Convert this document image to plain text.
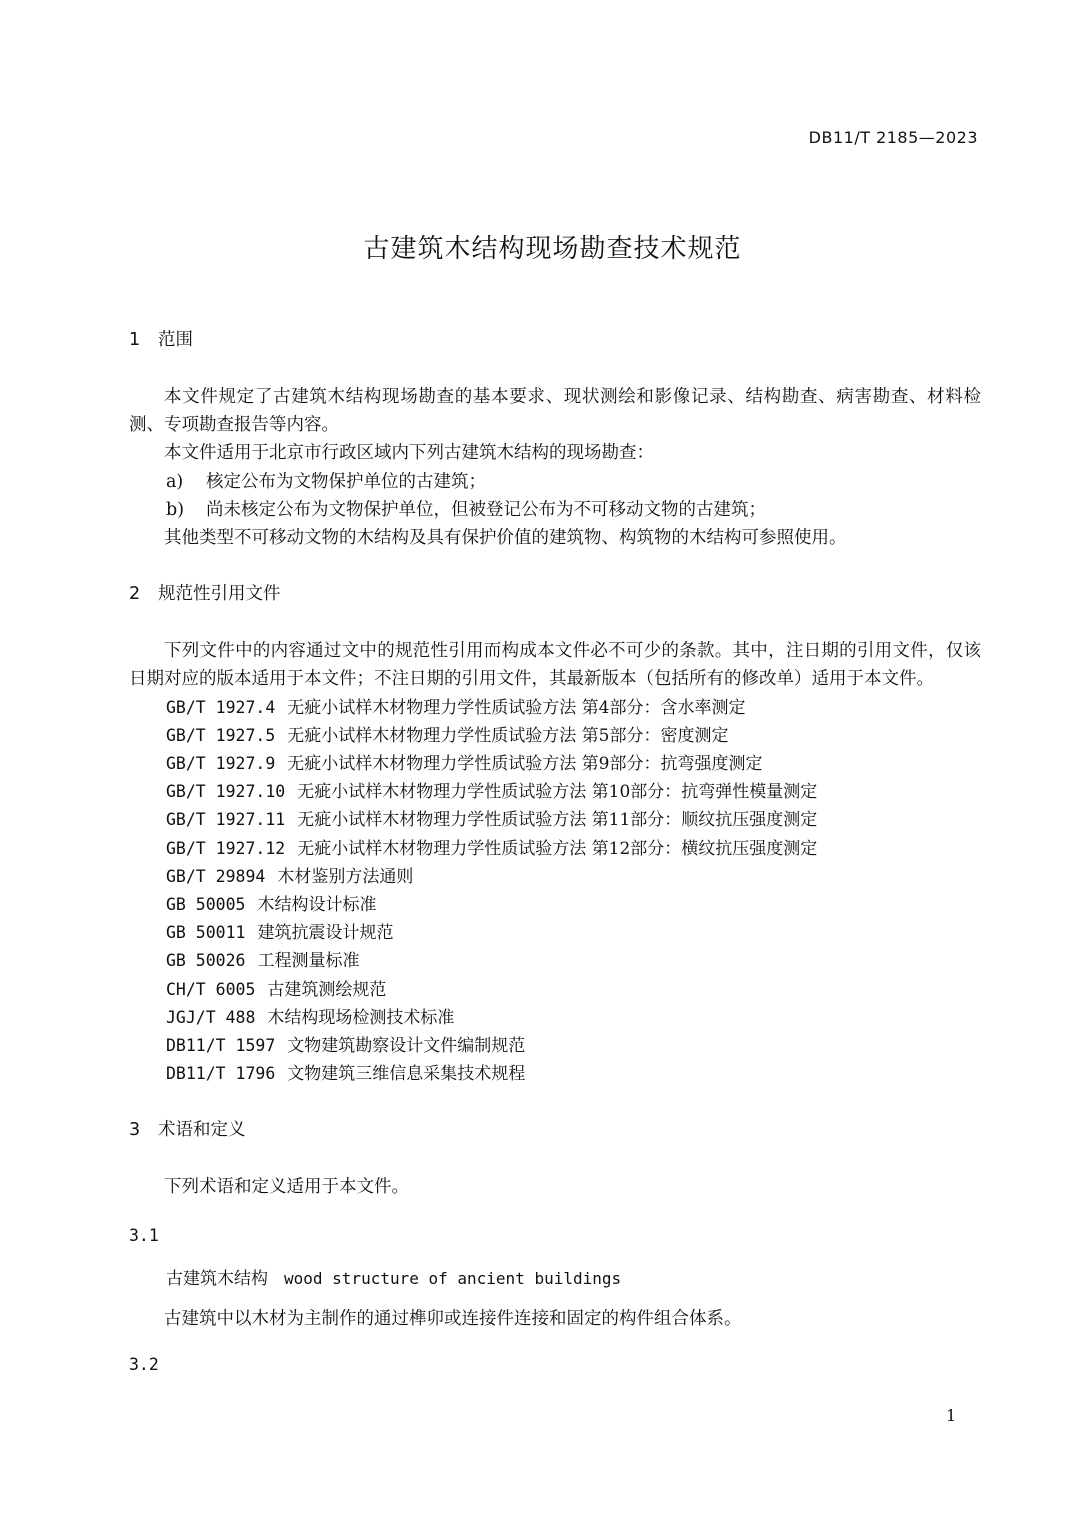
DB11/T 2185—2023
古建筑木结构现场勘查技术规范
1 范围

本文件规定了古建筑木结构现场勘查的基本要求、现状测绘和影像记录、结构勘查、病害勘查、材料检测、专项勘查报告等内容。

本文件适用于北京市行政区域内下列古建筑木结构的现场勘查：

a) 核定公布为文物保护单位的古建筑；

b) 尚未核定公布为文物保护单位，但被登记公布为不可移动文物的古建筑；

其他类型不可移动文物的木结构及具有保护价值的建筑物、构筑物的木结构可参照使用。

2 规范性引用文件

下列文件中的内容通过文中的规范性引用而构成本文件必不可少的条款。其中，注日期的引用文件，仅该日期对应的版本适用于本文件；不注日期的引用文件，其最新版本（包括所有的修改单）适用于本文件。

GB/T 1927.4 无疵小试样木材物理力学性质试验方法 第4部分：含水率测定

GB/T 1927.5 无疵小试样木材物理力学性质试验方法 第5部分：密度测定

GB/T 1927.9 无疵小试样木材物理力学性质试验方法 第9部分：抗弯强度测定

GB/T 1927.10 无疵小试样木材物理力学性质试验方法 第10部分：抗弯弹性模量测定

GB/T 1927.11 无疵小试样木材物理力学性质试验方法 第11部分：顺纹抗压强度测定

GB/T 1927.12 无疵小试样木材物理力学性质试验方法 第12部分：横纹抗压强度测定

GB/T 29894 木材鉴别方法通则

GB 50005 木结构设计标准

GB 50011 建筑抗震设计规范

GB 50026 工程测量标准

CH/T 6005 古建筑测绘规范

JGJ/T 488 木结构现场检测技术标准

DB11/T 1597 文物建筑勘察设计文件编制规范

DB11/T 1796 文物建筑三维信息采集技术规程

3 术语和定义

下列术语和定义适用于本文件。

3.1

古建筑木结构 wood structure of ancient buildings

古建筑中以木材为主制作的通过榫卯或连接件连接和固定的构件组合体系。

3.2

1
